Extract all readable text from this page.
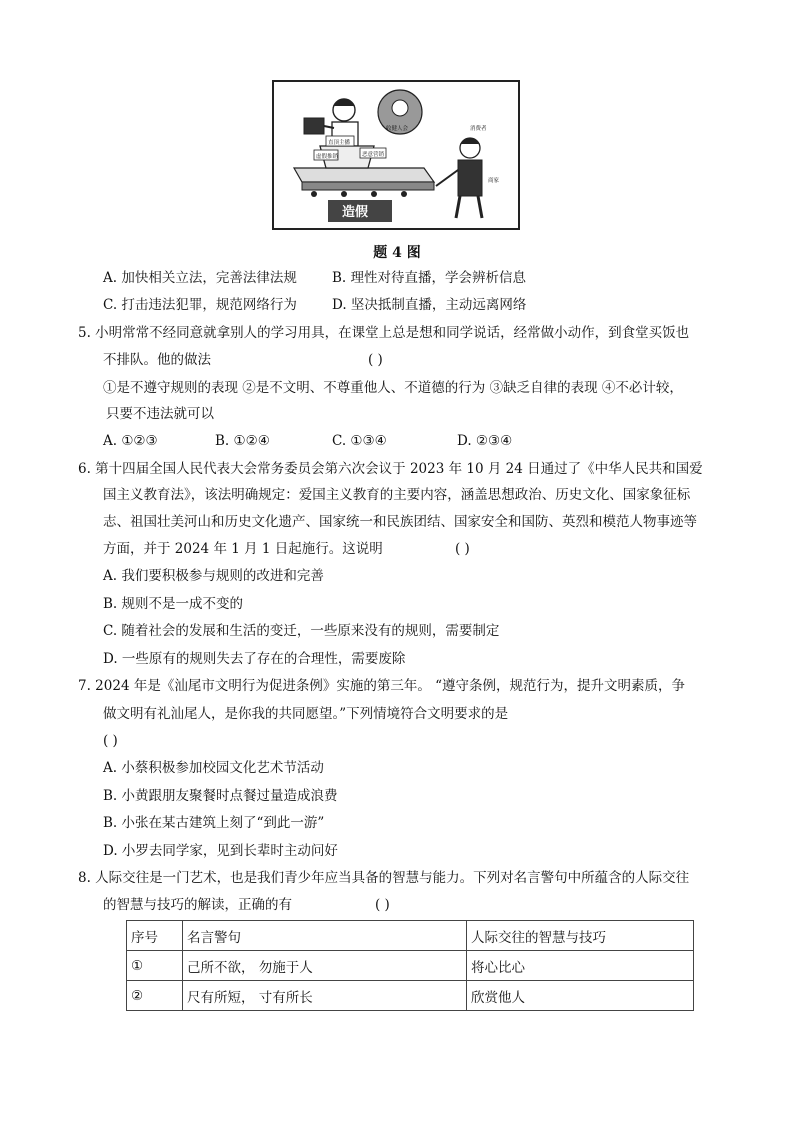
直顶主播
虚假推销	恶意营销
收健人会	消费者
商家
造假
题 4 图
A. 加快相关立法，完善法律法规	B. 理性对待直播，学会辨析信息
C. 打击违法犯罪，规范网络行为	D. 坚决抵制直播，主动远离网络
5. 小明常常不经同意就拿别人的学习用具，在课堂上总是想和同学说话，经常做小动作，到食堂买饭也
不排队。他的做法	( )
①是不遵守规则的表现 ②是不文明、不尊重他人、不道德的行为 ③缺乏自律的表现 ④不必计较，
只要不违法就可以
A. ①②③	B. ①②④	C. ①③④	D. ②③④
6. 第十四届全国人民代表大会常务委员会第六次会议于 2023 年 10 月 24 日通过了《中华人民共和国爱
国主义教育法》，该法明确规定：爱国主义教育的主要内容，涵盖思想政治、历史文化、国家象征标
志、祖国壮美河山和历史文化遗产、国家统一和民族团结、国家安全和国防、英烈和模范人物事迹等
方面，并于 2024 年 1 月 1 日起施行。这说明	( )
A. 我们要积极参与规则的改进和完善
B. 规则不是一成不变的
C. 随着社会的发展和生活的变迁，一些原来没有的规则，需要制定
D. 一些原有的规则失去了存在的合理性，需要废除
7. 2024 年是《汕尾市文明行为促进条例》实施的第三年。 “遵守条例，规范行为，提升文明素质，争
做文明有礼汕尾人，是你我的共同愿望。”下列情境符合文明要求的是
( )
A. 小蔡积极参加校园文化艺术节活动
B. 小黄跟朋友聚餐时点餐过量造成浪费
B. 小张在某古建筑上刻了“到此一游”
D. 小罗去同学家，见到长辈时主动问好
8. 人际交往是一门艺术，也是我们青少年应当具备的智慧与能力。下列对名言警句中所蕴含的人际交往
的智慧与技巧的解读，正确的有	( )
序号	名言警句	人际交往的智慧与技巧
①	己所不欲， 勿施于人	将心比心
②	尺有所短， 寸有所长	欣赏他人
